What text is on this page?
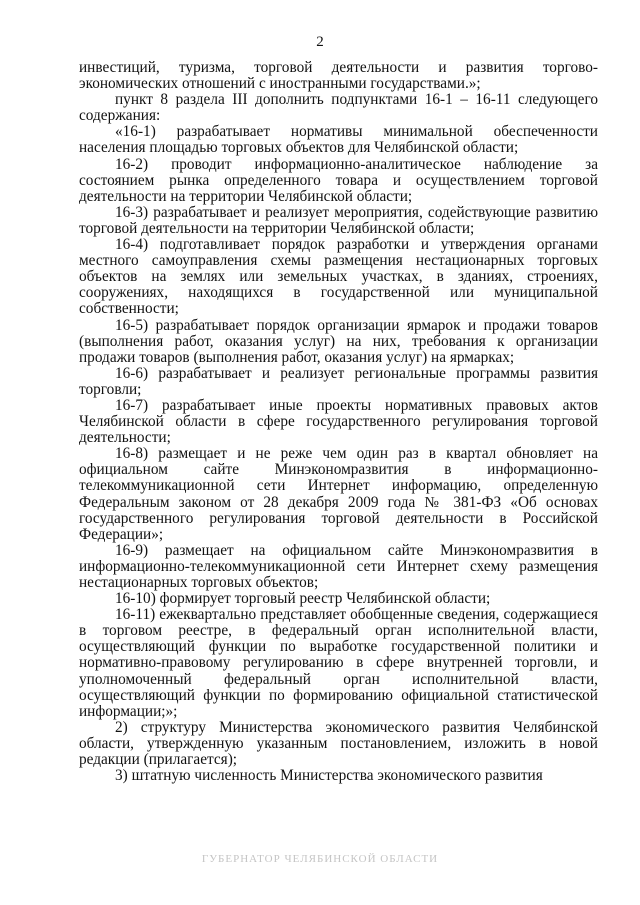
2

инвестиций, туризма, торговой деятельности и развития торгово-экономических отношений с иностранными государствами.»;

пункт 8 раздела III дополнить подпунктами 16-1 – 16-11 следующего содержания:

«16-1) разрабатывает нормативы минимальной обеспеченности населения площадью торговых объектов для Челябинской области;

16-2) проводит информационно-аналитическое наблюдение за состоянием рынка определенного товара и осуществлением торговой деятельности на территории Челябинской области;

16-3) разрабатывает и реализует мероприятия, содействующие развитию торговой деятельности на территории Челябинской области;

16-4) подготавливает порядок разработки и утверждения органами местного самоуправления схемы размещения нестационарных торговых объектов на землях или земельных участках, в зданиях, строениях, сооружениях, находящихся в государственной или муниципальной собственности;

16-5) разрабатывает порядок организации ярмарок и продажи товаров (выполнения работ, оказания услуг) на них, требования к организации продажи товаров (выполнения работ, оказания услуг) на ярмарках;

16-6) разрабатывает и реализует региональные программы развития торговли;

16-7) разрабатывает иные проекты нормативных правовых актов Челябинской области в сфере государственного регулирования торговой деятельности;

16-8) размещает и не реже чем один раз в квартал обновляет на официальном сайте Минэкономразвития в информационно-телекоммуникационной сети Интернет информацию, определенную Федеральным законом от 28 декабря 2009 года № 381-ФЗ «Об основах государственного регулирования торговой деятельности в Российской Федерации»;

16-9) размещает на официальном сайте Минэкономразвития в информационно-телекоммуникационной сети Интернет схему размещения нестационарных торговых объектов;

16-10) формирует торговый реестр Челябинской области;

16-11) ежеквартально представляет обобщенные сведения, содержащиеся в торговом реестре, в федеральный орган исполнительной власти, осуществляющий функции по выработке государственной политики и нормативно-правовому регулированию в сфере внутренней торговли, и уполномоченный федеральный орган исполнительной власти, осуществляющий функции по формированию официальной статистической информации;»;

2) структуру Министерства экономического развития Челябинской области, утвержденную указанным постановлением, изложить в новой редакции (прилагается);

3) штатную численность Министерства экономического развития

ГУБЕРНАТОР ЧЕЛЯБИНСКОЙ ОБЛАСТИ
